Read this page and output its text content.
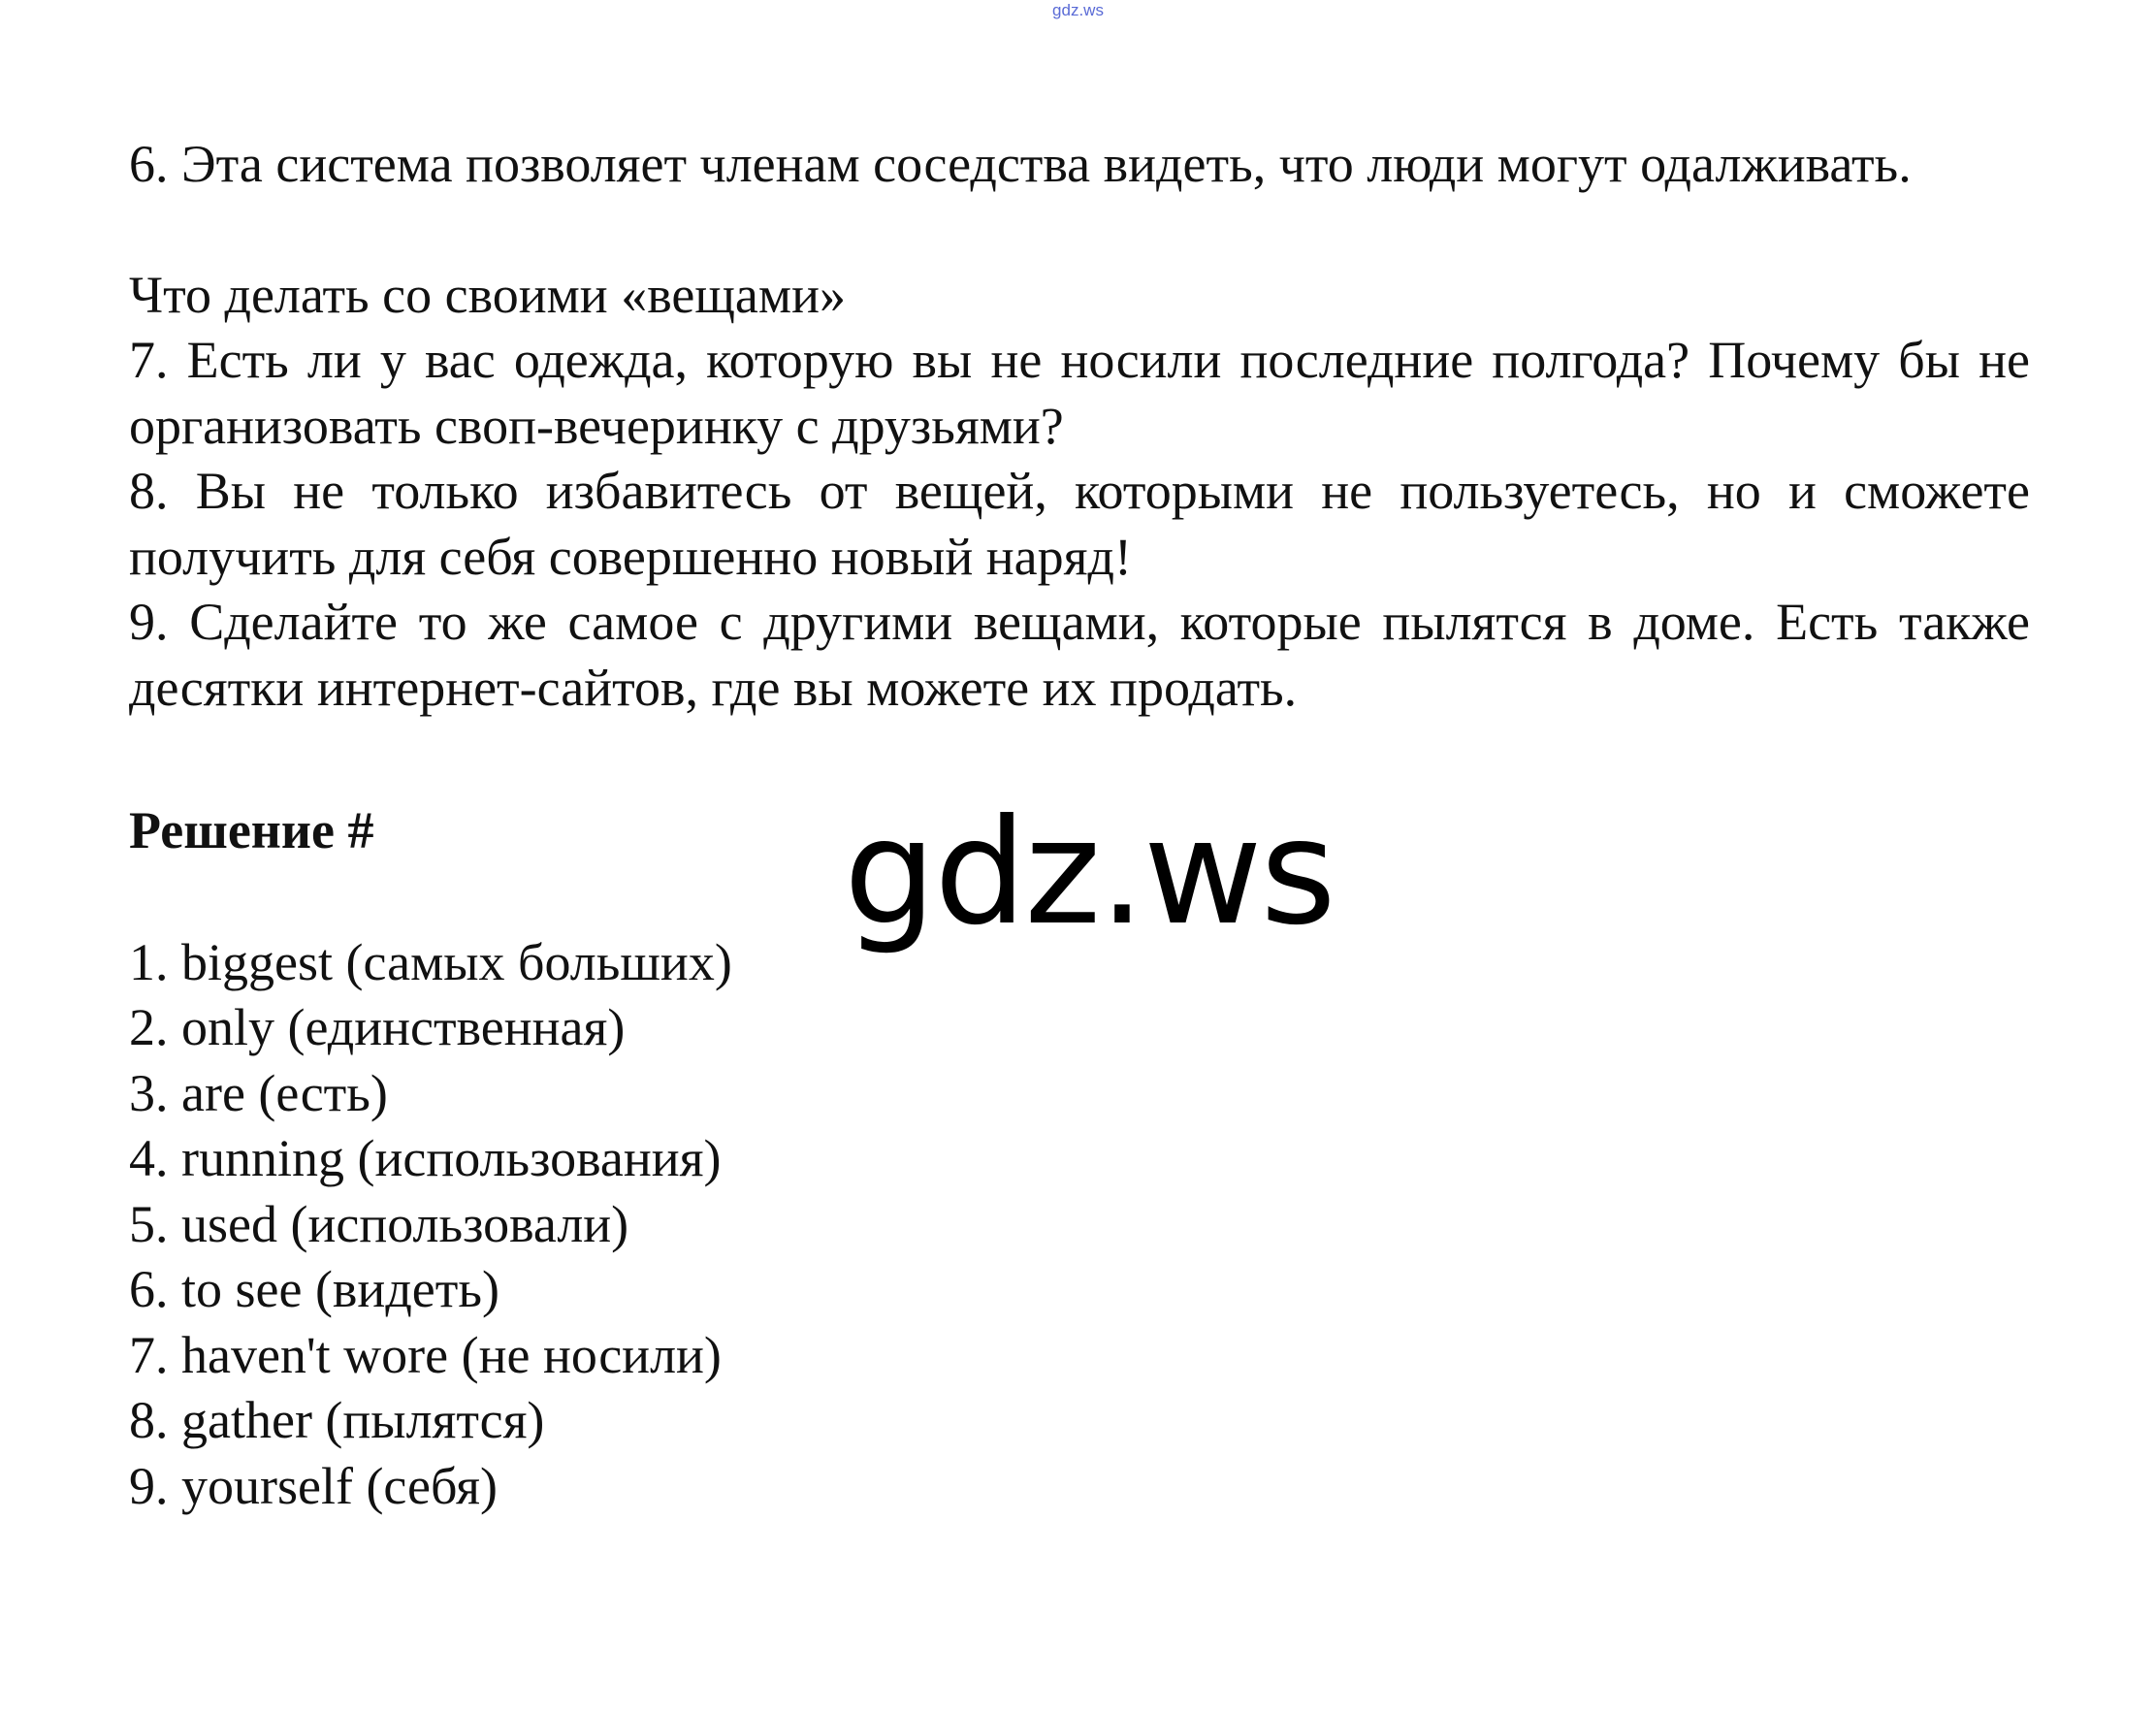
gdz.ws

6. Эта система позволяет членам соседства видеть, что люди могут одалживать.

Что делать со своими «вещами»

7. Есть ли у вас одежда, которую вы не носили последние полгода? Почему бы не организовать своп-вечеринку с друзьями?

8. Вы не только избавитесь от вещей, которыми не пользуетесь, но и сможете получить для себя совершенно новый наряд!

9. Сделайте то же самое с другими вещами, которые пылятся в доме. Есть также десятки интернет-сайтов, где вы можете их продать.

Решение #

1. biggest (самых больших)
2. only (единственная)
3. are (есть)
4. running (использования)
5. used (использовали)
6. to see (видеть)
7. haven't wore (не носили)
8. gather (пылятся)
9. yourself (себя)
gdz.ws
